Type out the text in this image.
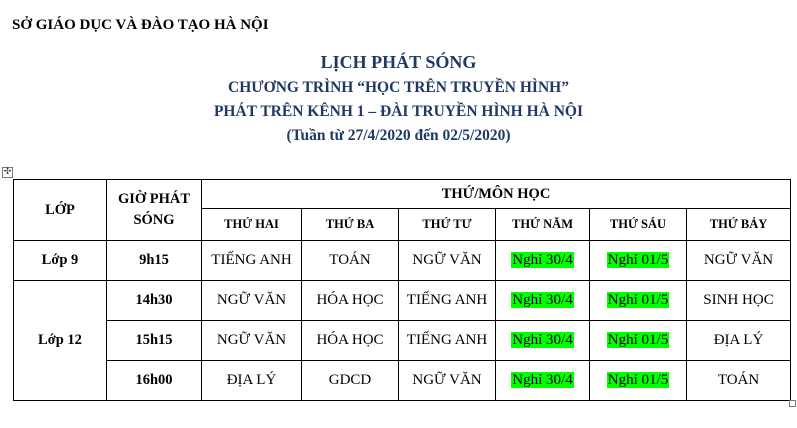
SỞ GIÁO DỤC VÀ ĐÀO TẠO HÀ NỘI
LỊCH PHÁT SÓNG
CHƯƠNG TRÌNH “HỌC TRÊN TRUYỀN HÌNH”
PHÁT TRÊN KÊNH 1 – ĐÀI TRUYỀN HÌNH HÀ NỘI
(Tuần từ 27/4/2020 đến 02/5/2020)
✣
LỚP	GIỜ PHÁT SÓNG	THỨ/MÔN HỌC					
		THỨ HAI	THỨ BA	THỨ TƯ	THỨ NĂM	THỨ SÁU	THỨ BẢY
Lớp 9	9h15	TIẾNG ANH	TOÁN	NGỮ VĂN	Nghỉ 30/4	Nghỉ 01/5	NGỮ VĂN
Lớp 12	14h30	NGỮ VĂN	HÓA HỌC	TIẾNG ANH	Nghỉ 30/4	Nghỉ 01/5	SINH HỌC
	15h15	NGỮ VĂN	HÓA HỌC	TIẾNG ANH	Nghỉ 30/4	Nghỉ 01/5	ĐỊA LÝ
	16h00	ĐỊA LÝ	GDCD	NGỮ VĂN	Nghỉ 30/4	Nghỉ 01/5	TOÁN
